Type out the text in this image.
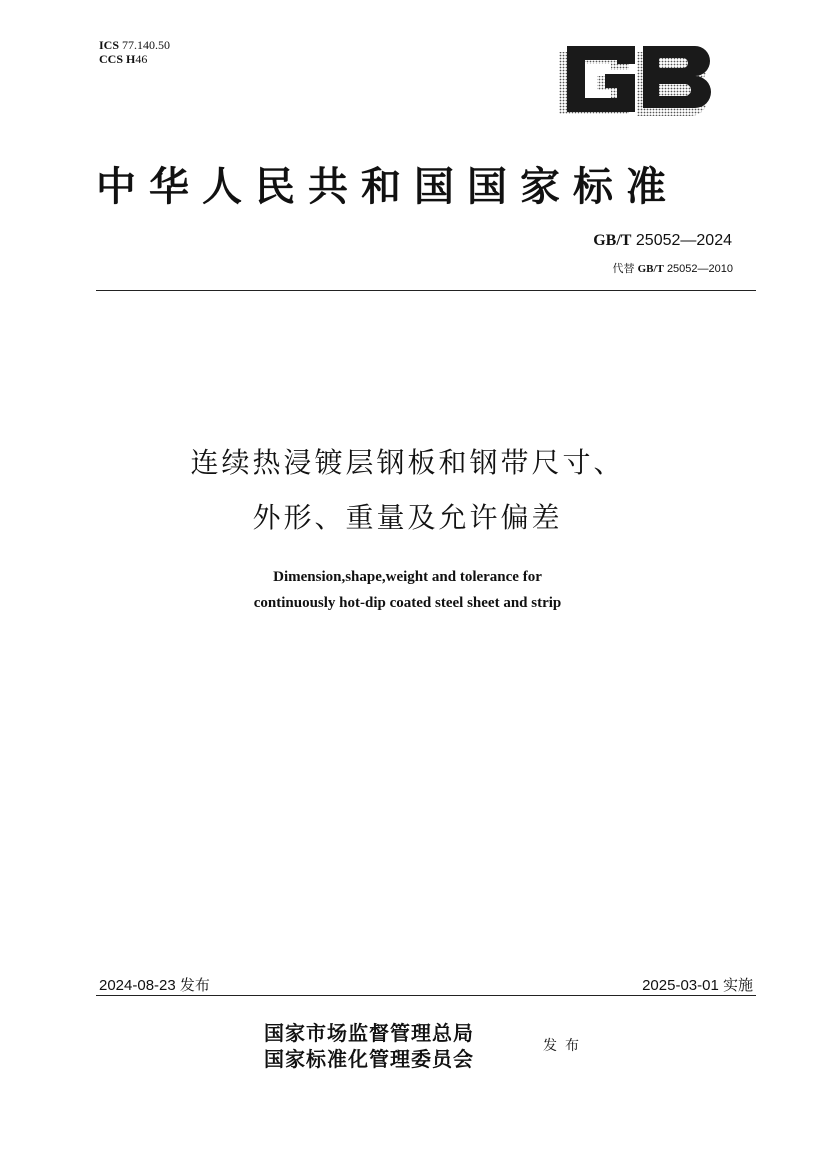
ICS 77.140.50
CCS H46
中华人民共和国国家标准
GB/T 25052—2024
代替 GB/T 25052—2010
连续热浸镀层钢板和钢带尺寸、
外形、重量及允许偏差
Dimension,shape,weight and tolerance for
continuously hot-dip coated steel sheet and strip
2024-08-23 发布	2025-03-01 实施
国家市场监督管理总局
国家标准化管理委员会
发布
